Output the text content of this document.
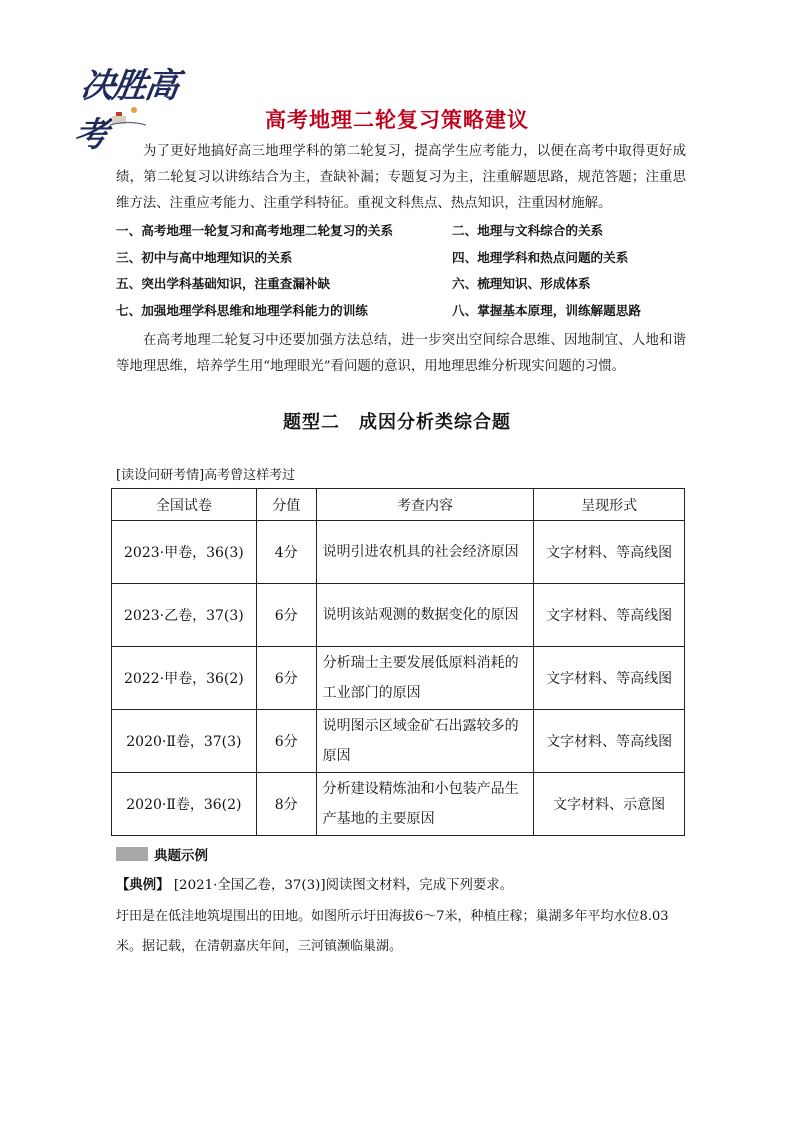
决胜高考	高考地理二轮复习策略建议
为了更好地搞好高三地理学科的第二轮复习，提高学生应考能力，以便在高考中取得更好成绩，第二轮复习以讲练结合为主，查缺补漏；专题复习为主，注重解题思路，规范答题；注重思维方法、注重应考能力、注重学科特征。重视文科焦点、热点知识，注重因材施解。
一、高考地理一轮复习和高考地理二轮复习的关系	二、地理与文科综合的关系
三、初中与高中地理知识的关系	四、地理学科和热点问题的关系
五、突出学科基础知识，注重查漏补缺	六、梳理知识、形成体系
七、加强地理学科思维和地理学科能力的训练	八、掌握基本原理，训练解题思路
在高考地理二轮复习中还要加强方法总结，进一步突出空间综合思维、因地制宜、人地和谐等地理思维，培养学生用“地理眼光”看问题的意识，用地理思维分析现实问题的习惯。
题型二　成因分析类综合题
[读设问研考情]高考曾这样考过
全国试卷	分值	考查内容	呈现形式
2023·甲卷，36(3)	4分	说明引进农机具的社会经济原因	文字材料、等高线图
2023·乙卷，37(3)	6分	说明该站观测的数据变化的原因	文字材料、等高线图
2022·甲卷，36(2)	6分	分析瑞士主要发展低原料消耗的工业部门的原因	文字材料、等高线图
2020·Ⅱ卷，37(3)	6分	说明图示区域金矿石出露较多的原因	文字材料、等高线图
2020·Ⅱ卷，36(2)	8分	分析建设精炼油和小包装产品生产基地的主要原因	文字材料、示意图
典题示例
【典例】 [2021·全国乙卷，37(3)]阅读图文材料，完成下列要求。
圩田是在低洼地筑堤围出的田地。如图所示圩田海拔6～7米，种植庄稼；巢湖多年平均水位8.03米。据记载，在清朝嘉庆年间，三河镇濒临巢湖。
